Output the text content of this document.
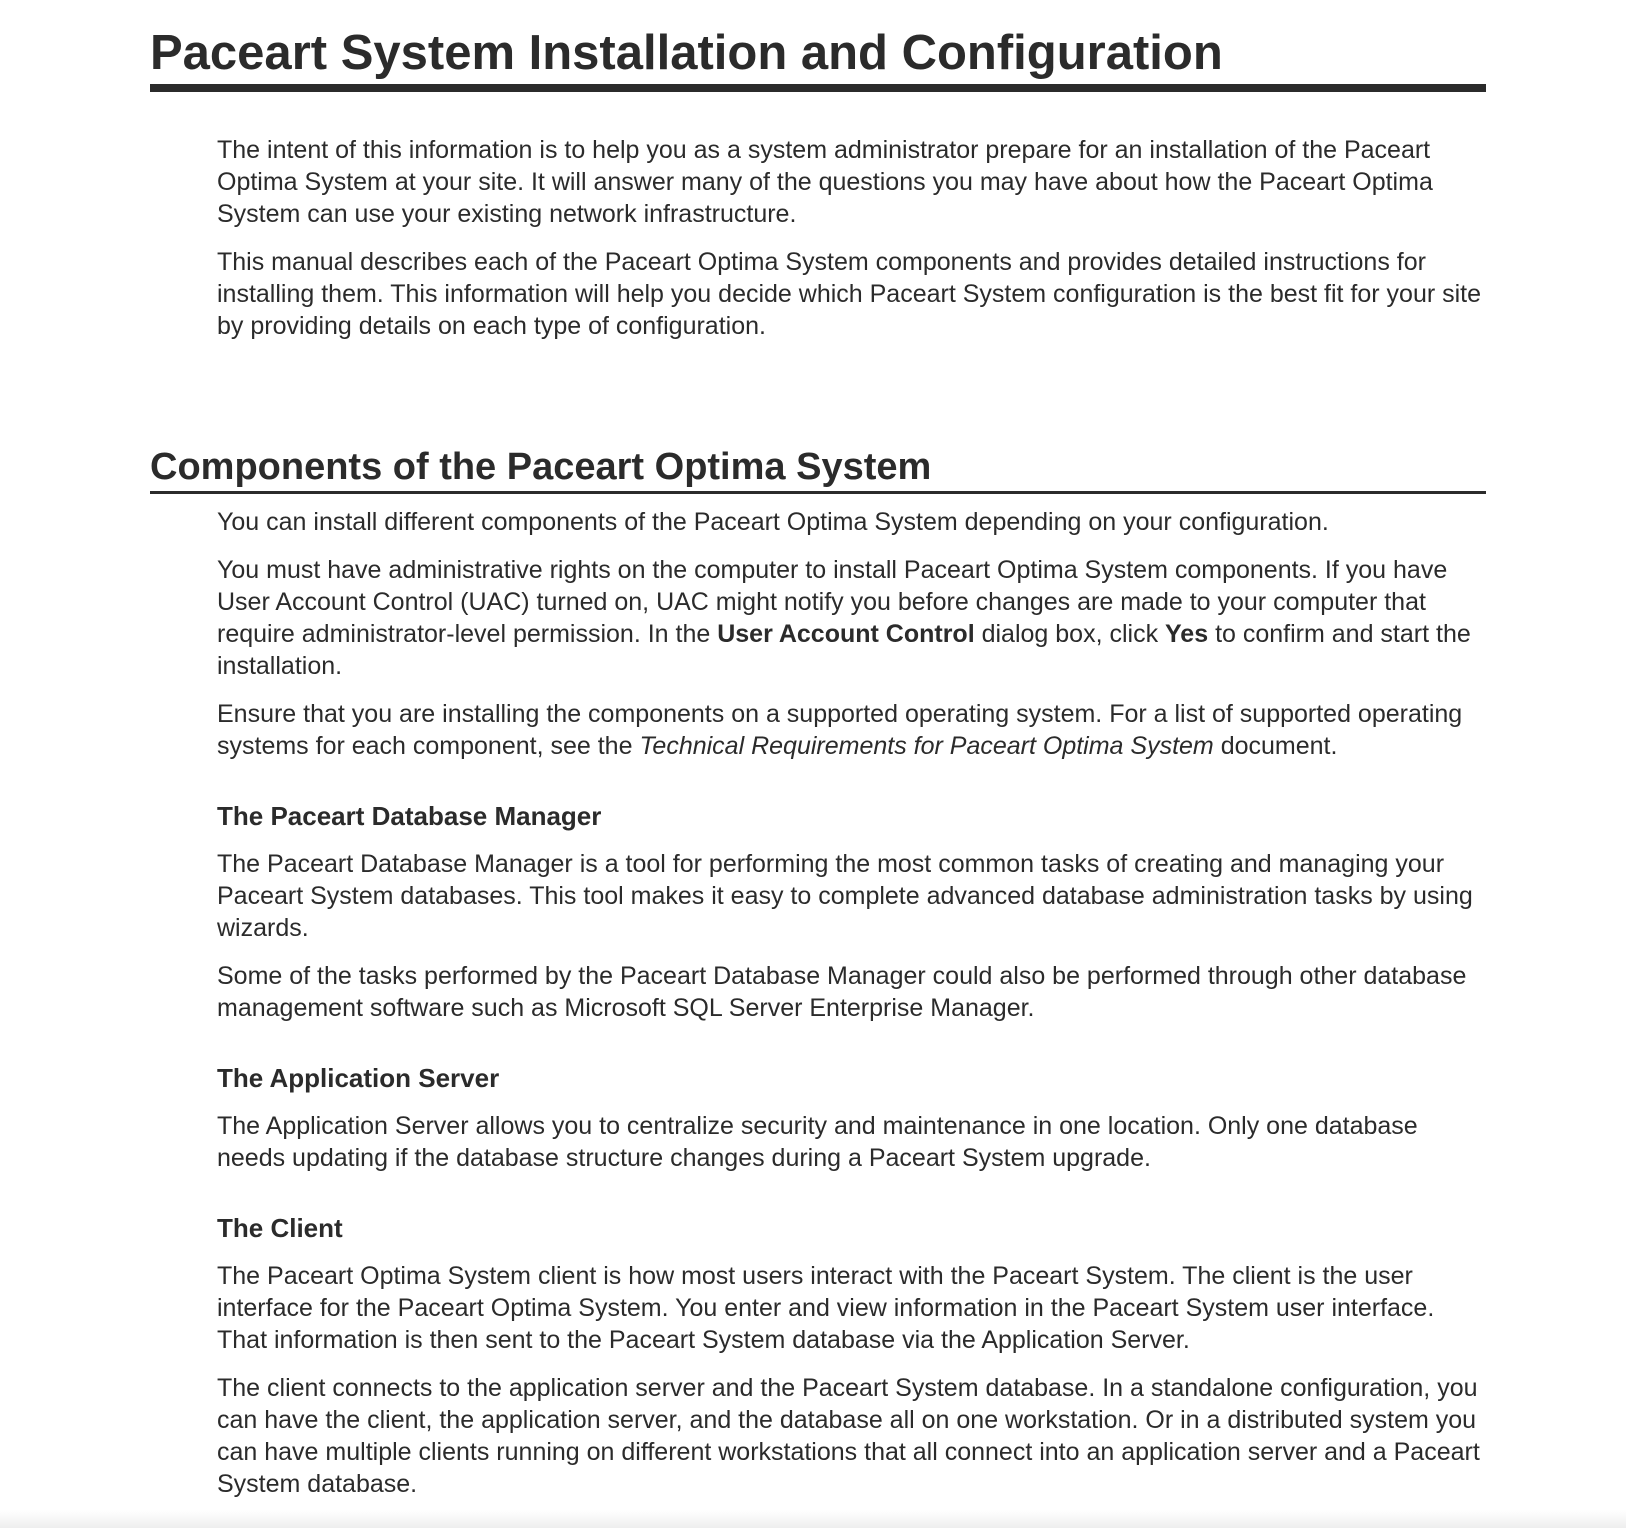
Paceart System Installation and Configuration

The intent of this information is to help you as a system administrator prepare for an installation of the Paceart Optima System at your site. It will answer many of the questions you may have about how the Paceart Optima System can use your existing network infrastructure.

This manual describes each of the Paceart Optima System components and provides detailed instructions for installing them. This information will help you decide which Paceart System configuration is the best fit for your site by providing details on each type of configuration.

Components of the Paceart Optima System

You can install different components of the Paceart Optima System depending on your configuration.

You must have administrative rights on the computer to install Paceart Optima System components. If you have User Account Control (UAC) turned on, UAC might notify you before changes are made to your computer that require administrator-level permission. In the User Account Control dialog box, click Yes to confirm and start the installation.

Ensure that you are installing the components on a supported operating system. For a list of supported operating systems for each component, see the Technical Requirements for Paceart Optima System document.

The Paceart Database Manager

The Paceart Database Manager is a tool for performing the most common tasks of creating and managing your Paceart System databases. This tool makes it easy to complete advanced database administration tasks by using wizards.

Some of the tasks performed by the Paceart Database Manager could also be performed through other database management software such as Microsoft SQL Server Enterprise Manager.

The Application Server

The Application Server allows you to centralize security and maintenance in one location. Only one database needs updating if the database structure changes during a Paceart System upgrade.

The Client

The Paceart Optima System client is how most users interact with the Paceart System. The client is the user interface for the Paceart Optima System. You enter and view information in the Paceart System user interface. That information is then sent to the Paceart System database via the Application Server.

The client connects to the application server and the Paceart System database. In a standalone configuration, you can have the client, the application server, and the database all on one workstation. Or in a distributed system you can have multiple clients running on different workstations that all connect into an application server and a Paceart System database.
